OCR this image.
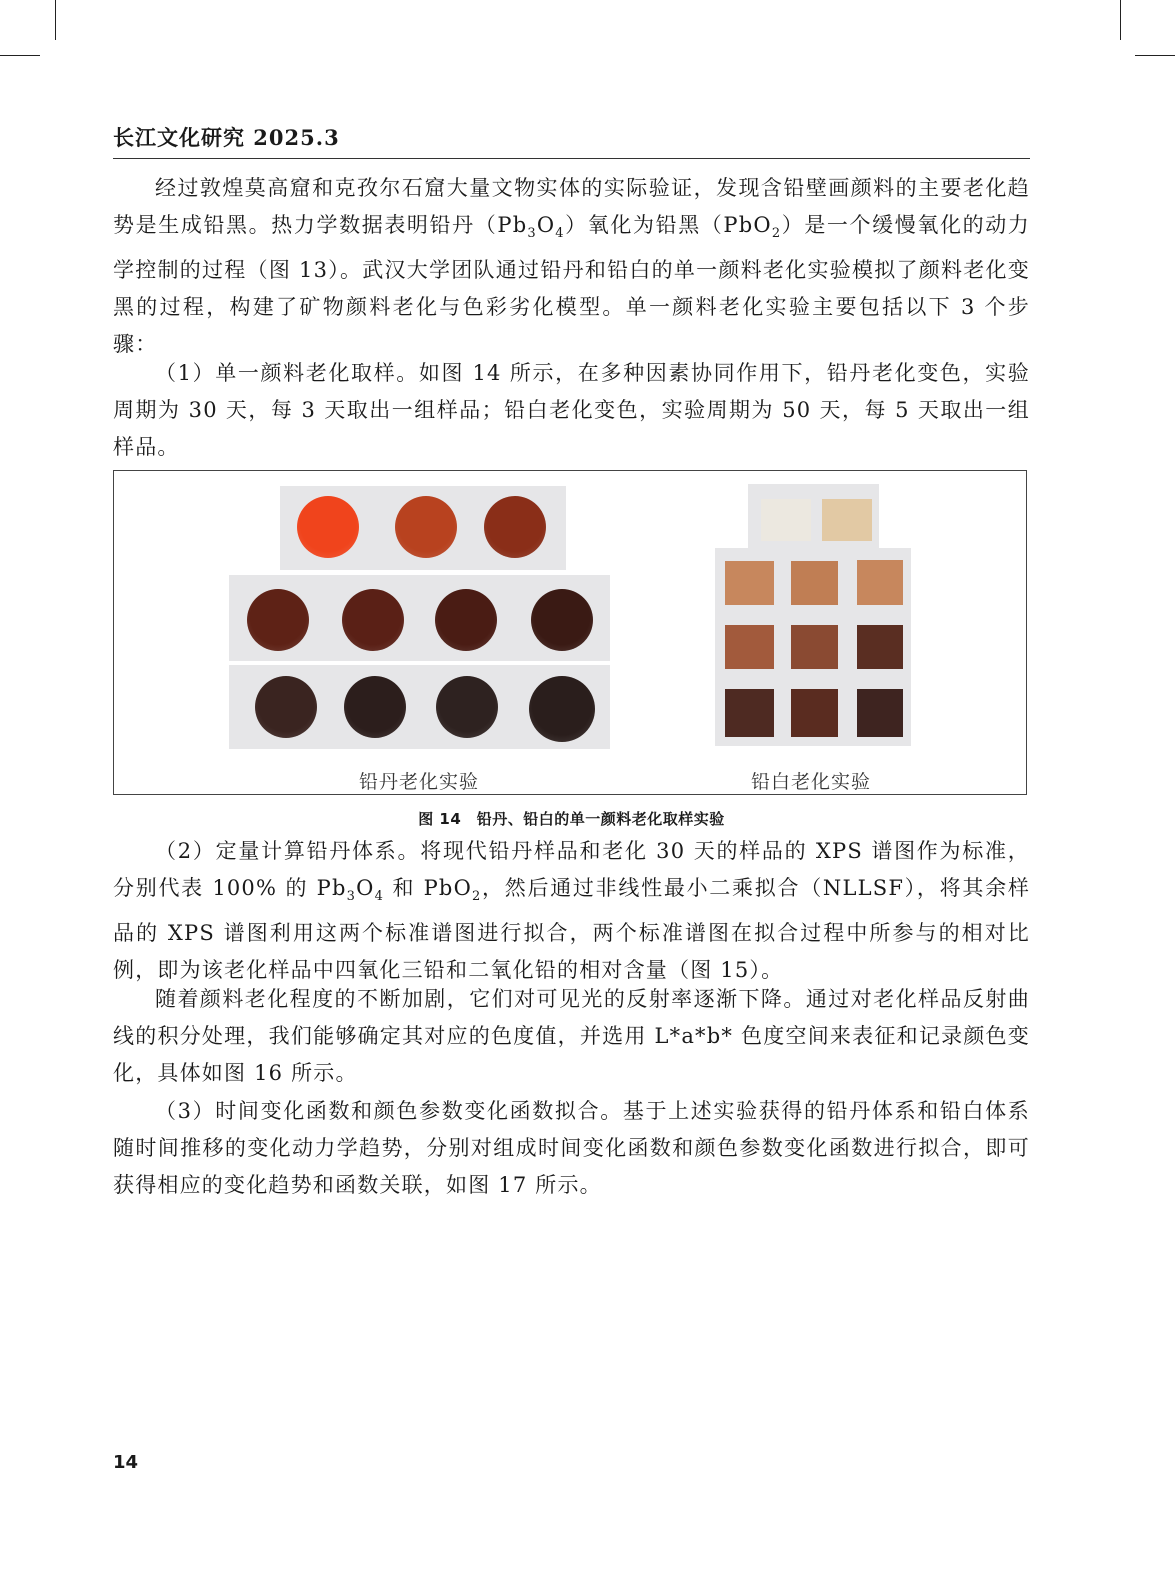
长江文化研究 2025.3

经过敦煌莫高窟和克孜尔石窟大量文物实体的实际验证，发现含铅壁画颜料的主要老化趋势是生成铅黑。热力学数据表明铅丹$(Pb_3O_4)$氧化为铅黑（PbO$_2$）是一个缓慢氧化的动力学控制的过程（图 13）。武汉大学团队通过铅丹和铅白的单一颜料老化实验模拟了颜料老化变黑的过程，构建了矿物颜料老化与色彩劣化模型。单一颜料老化实验主要包括以下 3 个步骤：

（1）单一颜料老化取样。如图 14 所示，在多种因素协同作用下，铅丹老化变色，实验周期为 30 天，每 3 天取出一组样品；铅白老化变色，实验周期为 50 天，每 5 天取出一组样品。

铅丹老化实验	铅白老化实验
图 14　铅丹、铅白的单一颜料老化取样实验

（2）定量计算铅丹体系。将现代铅丹样品和老化 30 天的样品的 XPS 谱图作为标准，分别代表 100% 的 $Pb_3O_4$ 和 PbO$_2$，然后通过非线性最小二乘拟合（NLLSF），将其余样品的 XPS 谱图利用这两个标准谱图进行拟合，两个标准谱图在拟合过程中所参与的相对比例，即为该老化样品中四氧化三铅和二氧化铅的相对含量（图 15）。

随着颜料老化程度的不断加剧，它们对可见光的反射率逐渐下降。通过对老化样品反射曲线的积分处理，我们能够确定其对应的色度值，并选用 L*a*b* 色度空间来表征和记录颜色变化，具体如图 16 所示。

（3）时间变化函数和颜色参数变化函数拟合。基于上述实验获得的铅丹体系和铅白体系随时间推移的变化动力学趋势，分别对组成时间变化函数和颜色参数变化函数进行拟合，即可获得相应的变化趋势和函数关联，如图 17 所示。

14
